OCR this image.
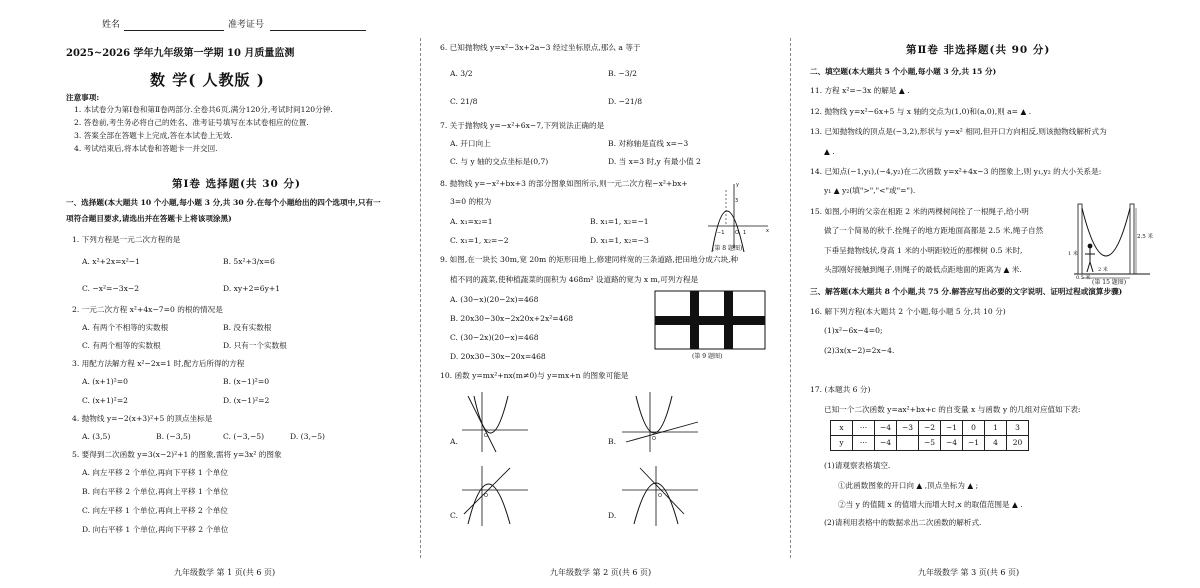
姓名	准考证号
2025~2026 学年九年级第一学期 10 月质量监测
数 学( 人教版 )
注意事项:
1. 本试卷分为第Ⅰ卷和第Ⅱ卷两部分.全卷共6页,满分120分,考试时间120分钟.
2. 答卷前,考生务必将自己的姓名、准考证号填写在本试卷相应的位置.
3. 答案全部在答题卡上完成,答在本试卷上无效.
4. 考试结束后,将本试卷和答题卡一并交回.
第Ⅰ卷 选择题(共 30 分)
一、选择题(本大题共 10 个小题,每小题 3 分,共 30 分.在每个小题给出的四个选项中,只有一
项符合题目要求,请选出并在答题卡上将该项涂黑)
1. 下列方程是一元二次方程的是
A. x²+2x=x²−1	B. 5x²+3/x=6
C. −x²=−3x−2	D. xy+2=6y+1
2. 一元二次方程 x²+4x−7=0 的根的情况是
A. 有两个不相等的实数根	B. 没有实数根
C. 有两个相等的实数根	D. 只有一个实数根
3. 用配方法解方程 x²−2x=1 时,配方后所得的方程
A. (x+1)²=0	B. (x−1)²=0
C. (x+1)²=2	D. (x−1)²=2
4. 抛物线 y=−2(x+3)²+5 的顶点坐标是
A. (3,5)	B. (−3,5)	C. (−3,−5)	D. (3,−5)
5. 要得到二次函数 y=3(x−2)²+1 的图象,需将 y=3x² 的图象
A. 向左平移 2 个单位,再向下平移 1 个单位
B. 向右平移 2 个单位,再向上平移 1 个单位
C. 向左平移 1 个单位,再向上平移 2 个单位
D. 向右平移 1 个单位,再向下平移 2 个单位
九年级数学 第 1 页(共 6 页)
6. 已知抛物线 y=x²−3x+2a−3 经过坐标原点,那么 a 等于
A. 3/2	B. −3/2
C. 21/8	D. −21/8
7. 关于抛物线 y=−x²+6x−7,下列说法正确的是
A. 开口向上	B. 对称轴是直线 x=−3
C. 与 y 轴的交点坐标是(0,7)	D. 当 x=3 时,y 有最小值 2
8. 抛物线 y=−x²+bx+3 的部分图象如图所示,则一元二次方程−x²+bx+
3=0 的根为
A. x₁=x₂=1	B. x₁=1, x₂=−1
C. x₁=1, x₂=−2	D. x₁=1, x₂=−3
3
−1 O 1	x
y
(第 8 题图)
9. 如图,在一块长 30m,宽 20m 的矩形田地上,修建同样宽的三条道路,把田地分成六块,种
植不同的蔬菜,使种植蔬菜的面积为 468m² 设道路的宽为 x m,可列方程是
A. (30−x)(20−2x)=468
B. 20x30−30x−2x20x+2x²=468
C. (30−2x)(20−x)=468
D. 20x30−30x−20x=468	(第 9 题图)
10. 函数 y=mx²+nx(m≠0)与 y=mx+n 的图象可能是
A.
O
B.	O
C.
O
D.
O
九年级数学 第 2 页(共 6 页)
第Ⅱ卷 非选择题(共 90 分)
二、填空题(本大题共 5 个小题,每小题 3 分,共 15 分)
11. 方程 x²=−3x 的解是 ▲ .
12. 抛物线 y=x²−6x+5 与 x 轴的交点为(1,0)和(a,0),则 a= ▲ .
13. 已知抛物线的顶点是(−3,2),形状与 y=x² 相同,但开口方向相反,则该抛物线解析式为
▲ .
14. 已知点(−1,y₁),(−4,y₂)在二次函数 y=x²+4x−3 的图象上,则 y₁,y₂ 的大小关系是:
y₁ ▲ y₂(填">","<"或"=").
15. 如图,小明的父亲在相距 2 米的两棵树间拴了一根绳子,给小明
做了一个简易的秋千.拴绳子的地方距地面高都是 2.5 米,绳子自然
下垂呈抛物线状,身高 1 米的小明距较近的那棵树 0.5 米时,
头部刚好接触到绳子,则绳子的最低点距地面的距离为 ▲ 米.
2.5 米
1 米
0.5 米
2 米
(第 15 题图)
三、解答题(本大题共 8 个小题,共 75 分.解答应写出必要的文字说明、证明过程或演算步骤)
16. 解下列方程(本大题共 2 个小题,每小题 5 分,共 10 分)
(1)x²−6x−4=0;
(2)3x(x−2)=2x−4.
17. (本题共 6 分)
已知一个二次函数 y=ax²+bx+c 的自变量 x 与函数 y 的几组对应值如下表:
x	···	−4	−3	−2	−1	0	1	3
y	···	−4		−5	−4	−1	4	20
(1)请观察表格填空.
①此函数图象的开口向 ▲ ,顶点坐标为 ▲ ;
②当 y 的值随 x 的值增大而增大时,x 的取值范围是 ▲ .
(2)请利用表格中的数据求出二次函数的解析式.
九年级数学 第 3 页(共 6 页)
